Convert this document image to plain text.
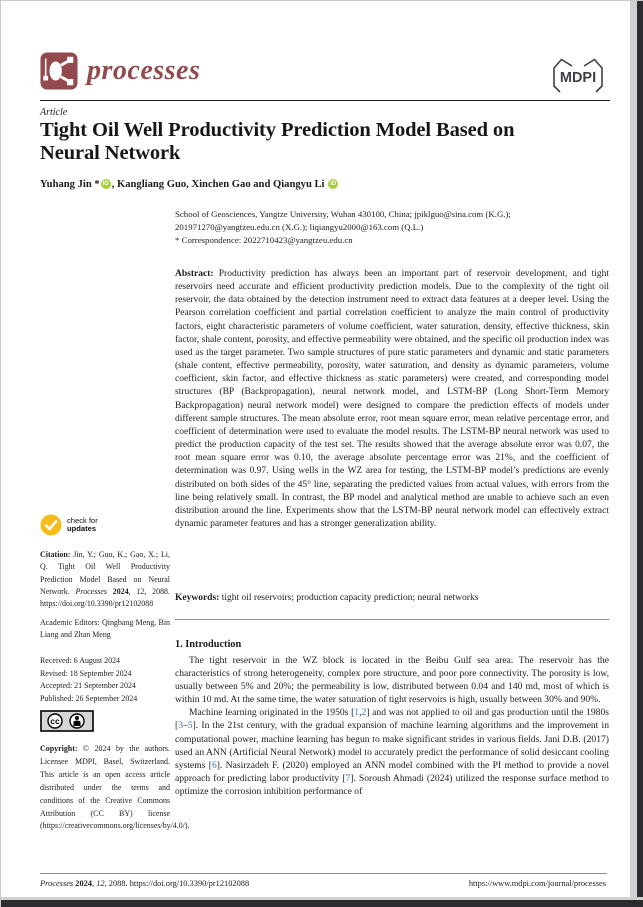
processes	MDPI
Article
Tight Oil Well Productivity Prediction Model Based on Neural Network
Yuhang Jin * iD , Kangliang Guo, Xinchen Gao and Qiangyu Li iD
School of Geosciences, Yangtze University, Wuhan 430100, China; jpiklguo@sina.com (K.G.);
201971270@yangtzeu.edu.cn (X.G.); liqiangyu2000@163.com (Q.L.)
* Correspondence: 2022710423@yangtzeu.edu.cn
Abstract: Productivity prediction has always been an important part of reservoir development, and tight reservoirs need accurate and efficient productivity prediction models. Due to the complexity of the tight oil reservoir, the data obtained by the detection instrument need to extract data features at a deeper level. Using the Pearson correlation coefficient and partial correlation coefficient to analyze the main control of productivity factors, eight characteristic parameters of volume coefficient, water saturation, density, effective thickness, skin factor, shale content, porosity, and effective permeability were obtained, and the specific oil production index was used as the target parameter. Two sample structures of pure static parameters and dynamic and static parameters (shale content, effective permeability, porosity, water saturation, and density as dynamic parameters, volume coefficient, skin factor, and effective thickness as static parameters) were created, and corresponding model structures (BP (Backpropagation), neural network model, and LSTM-BP (Long Short-Term Memory Backpropagation) neural network model) were designed to compare the prediction effects of models under different sample structures. The mean absolute error, root mean square error, mean relative percentage error, and coefficient of determination were used to evaluate the model results. The LSTM-BP neural network was used to predict the production capacity of the test set. The results showed that the average absolute error was 0.07, the root mean square error was 0.10, the average absolute percentage error was 21%, and the coefficient of determination was 0.97. Using wells in the WZ area for testing, the LSTM-BP model’s predictions are evenly distributed on both sides of the 45° line, separating the predicted values from actual values, with errors from the line being relatively small. In contrast, the BP model and analytical method are unable to achieve such an even distribution around the line. Experiments show that the LSTM-BP neural network model can effectively extract dynamic parameter features and has a stronger generalization ability.
Keywords: tight oil reservoirs; production capacity prediction; neural networks
check for
updates
Citation: Jin, Y.; Guo, K.; Gao, X.; Li, Q. Tight Oil Well Productivity Prediction Model Based on Neural Network. Processes 2024, 12, 2088. https://doi.org/10.3390/pr12102088
Academic Editors: Qingbang Meng, Bin Liang and Zhan Meng
Received: 6 August 2024
Revised: 18 September 2024
Accepted: 21 September 2024
Published: 26 September 2024
cc
Copyright: © 2024 by the authors. Licensee MDPI, Basel, Switzerland. This article is an open access article distributed under the terms and conditions of the Creative Commons Attribution (CC BY) license (https://creativecommons.org/licenses/by/4.0/).
1. Introduction

The tight reservoir in the WZ block is located in the Beibu Gulf sea area. The reservoir has the characteristics of strong heterogeneity, complex pore structure, and poor pore connectivity. The porosity is low, usually between 5% and 20%; the permeability is low, distributed between 0.04 and 140 md, most of which is within 10 md. At the same time, the water saturation of tight reservoirs is high, usually between 30% and 90%.

Machine learning originated in the 1950s [1,2] and was not applied to oil and gas production until the 1980s [3–5]. In the 21st century, with the gradual expansion of machine learning algorithms and the improvement in computational power, machine learning has begun to make significant strides in various fields. Jani D.B. (2017) used an ANN (Artificial Neural Network) model to accurately predict the performance of solid desiccant cooling systems [6]. Nasirzadeh F. (2020) employed an ANN model combined with the PI method to provide a novel approach for predicting labor productivity [7]. Soroush Ahmadi (2024) utilized the response surface method to optimize the corrosion inhibition performance of

Processes 2024, 12, 2088. https://doi.org/10.3390/pr12102088	https://www.mdpi.com/journal/processes
